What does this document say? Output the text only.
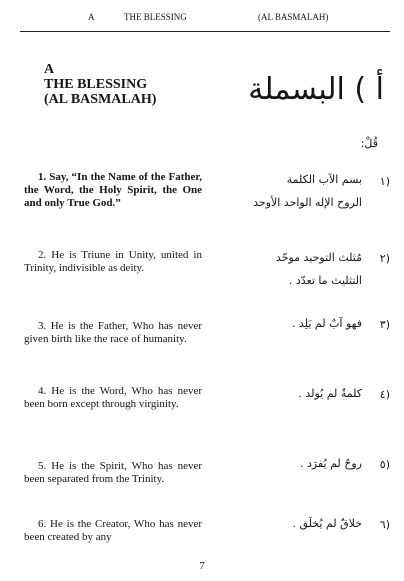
A	THE BLESSING	(AL BASMALAH)
A
THE BLESSING
(AL BASMALAH)	أ ) البسملة
قُلْ:
1. Say, “In the Name of the Father, the Word, the Holy Spirit, the One and only True God.”
بسم الآب الكلمة
الروح الإله الواحد الأوحد
(١
2. He is Triune in Unity, united in Trinity, indivisible as deity.
مُثلث التوحيد موحّد
التثليث ما تعدّد .
(٢
3. He is the Father, Who has never given birth like the race of humanity.
فهو آبٌ لم يَلِد .	(٣
4. He is the Word, Who has never been born except through virginity.
كلمةٌ لم يُولد .	(٤
5. He is the Spirit, Who has never been separated from the Trinity.
روحٌ لم يُفرَد .	(٥
6. He is the Creator, Who has never been created by any
خلاقٌ لم يُخلَق .	(٦
7
